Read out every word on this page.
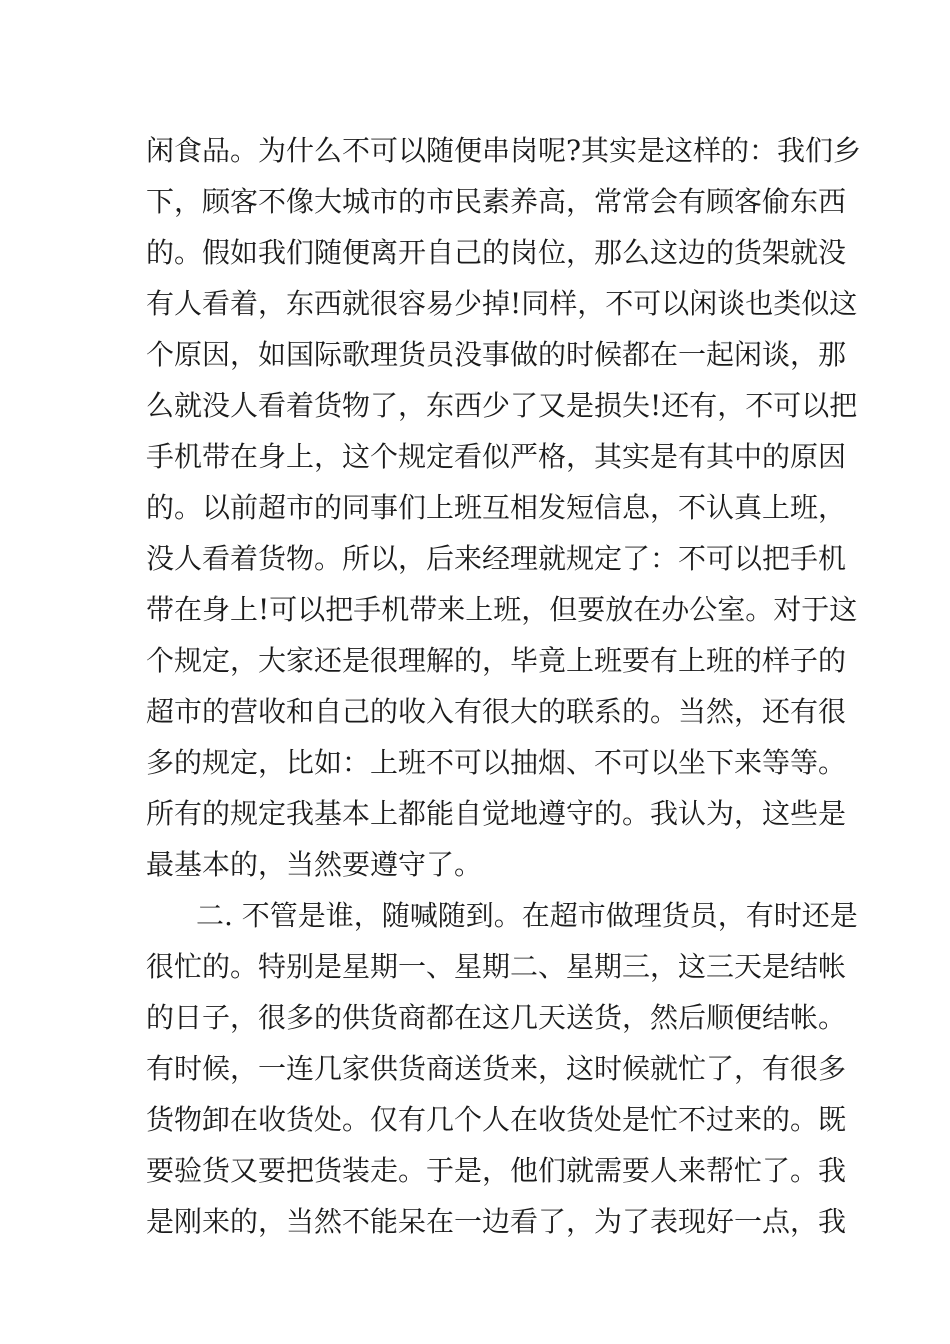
闲食品。为什么不可以随便串岗呢?其实是这样的：我们乡
下，顾客不像大城市的市民素养高，常常会有顾客偷东西
的。假如我们随便离开自己的岗位，那么这边的货架就没
有人看着，东西就很容易少掉!同样，不可以闲谈也类似这
个原因，如国际歌理货员没事做的时候都在一起闲谈，那
么就没人看着货物了，东西少了又是损失!还有，不可以把
手机带在身上，这个规定看似严格，其实是有其中的原因
的。以前超市的同事们上班互相发短信息，不认真上班，
没人看着货物。所以，后来经理就规定了：不可以把手机
带在身上!可以把手机带来上班，但要放在办公室。对于这
个规定，大家还是很理解的，毕竟上班要有上班的样子的
超市的营收和自己的收入有很大的联系的。当然，还有很
多的规定，比如：上班不可以抽烟、不可以坐下来等等。
所有的规定我基本上都能自觉地遵守的。我认为，这些是
最基本的，当然要遵守了。
二. 不管是谁，随喊随到。在超市做理货员，有时还是
很忙的。特别是星期一、星期二、星期三，这三天是结帐
的日子，很多的供货商都在这几天送货，然后顺便结帐。
有时候，一连几家供货商送货来，这时候就忙了，有很多
货物卸在收货处。仅有几个人在收货处是忙不过来的。既
要验货又要把货装走。于是，他们就需要人来帮忙了。我
是刚来的，当然不能呆在一边看了，为了表现好一点，我
